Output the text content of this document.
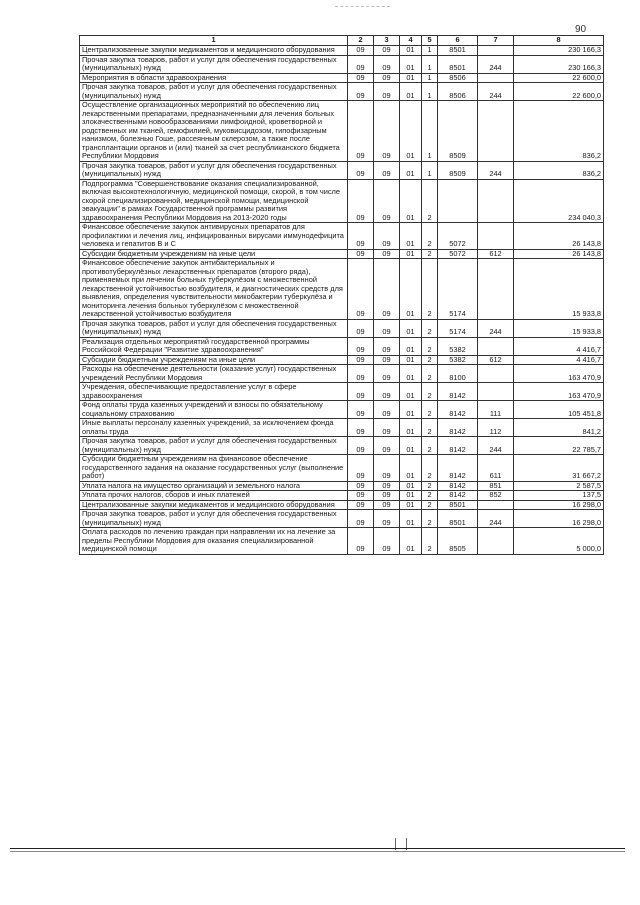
90
1	2	3	4	5	6	7	8
Централизованные закупки медикаментов и медицинского оборудования	09	09	01	1	8501		230 166,3
Прочая закупка товаров, работ и услуг для обеспечения государственных (муниципальных) нужд	09	09	01	1	8501	244	230 166,3
Мероприятия в области здравоохранения	09	09	01	1	8506		22 600,0
Прочая закупка товаров, работ и услуг для обеспечения государственных (муниципальных) нужд	09	09	01	1	8506	244	22 600,0
Осуществление организационных мероприятий по обеспечению лиц лекарственными препаратами, предназначенными для лечения больных злокачественными новообразованиями лимфоидной, кроветворной и родственных им тканей, гемофилией, муковисцидозом, гипофизарным нанизмом, болезнью Гоше, рассеянным склерозом, а также после трансплантации органов и (или) тканей за счет республиканского бюджета Республики Мордовия	09	09	01	1	8509		836,2
Прочая закупка товаров, работ и услуг для обеспечения государственных (муниципальных) нужд	09	09	01	1	8509	244	836,2
Подпрограмма "Совершенствование оказания специализированной, включая высокотехнологичную, медицинской помощи, скорой, в том числе скорой специализированной, медицинской помощи, медицинской эвакуации" в рамках Государственной программы развития здравоохранения Республики Мордовия на 2013-2020 годы	09	09	01	2			234 040,3
Финансовое обеспечение закупок антивирусных препаратов для профилактики и лечения лиц, инфицированных вирусами иммунодефицита человека и гепатитов В и С	09	09	01	2	5072		26 143,8
Субсидии бюджетным учреждениям на иные цели	09	09	01	2	5072	612	26 143,8
Финансовое обеспечение закупок антибактериальных и противотуберкулёзных лекарственных препаратов (второго ряда), применяемых при лечении больных туберкулёзом с множественной лекарственной устойчивостью возбудителя, и диагностических средств для выявления, определения чувствительности микобактерии туберкулёза и мониторинга лечения больных туберкулёзом с множественной лекарственной устойчивостью возбудителя	09	09	01	2	5174		15 933,8
Прочая закупка товаров, работ и услуг для обеспечения государственных (муниципальных) нужд	09	09	01	2	5174	244	15 933,8
Реализация отдельных мероприятий государственной программы Российской Федерации "Развитие здравоохранения"	09	09	01	2	5382		4 416,7
Субсидии бюджетным учреждениям на иные цели	09	09	01	2	5382	612	4 416,7
Расходы на обеспечение деятельности (оказание услуг) государственных учреждений Республики Мордовия	09	09	01	2	8100		163 470,9
Учреждения, обеспечивающие предоставление услуг в сфере здравоохранения	09	09	01	2	8142		163 470,9
Фонд оплаты труда казенных учреждений и взносы по обязательному социальному страхованию	09	09	01	2	8142	111	105 451,8
Иные выплаты персоналу казенных учреждений, за исключением фонда оплаты труда	09	09	01	2	8142	112	841,2
Прочая закупка товаров, работ и услуг для обеспечения государственных (муниципальных) нужд	09	09	01	2	8142	244	22 785,7
Субсидии бюджетным учреждениям на финансовое обеспечение государственного задания на оказание государственных услуг (выполнение работ)	09	09	01	2	8142	611	31 667,2
Уплата налога на имущество организаций и земельного налога	09	09	01	2	8142	851	2 587,5
Уплата прочих налогов, сборов и иных платежей	09	09	01	2	8142	852	137,5
Централизованные закупки медикаментов и медицинского оборудования	09	09	01	2	8501		16 298,0
Прочая закупка товаров, работ и услуг для обеспечения государственных (муниципальных) нужд	09	09	01	2	8501	244	16 298,0
Оплата расходов по лечению граждан при направлении их на лечение за пределы Республики Мордовия для оказания специализированной медицинской помощи	09	09	01	2	8505		5 000,0
